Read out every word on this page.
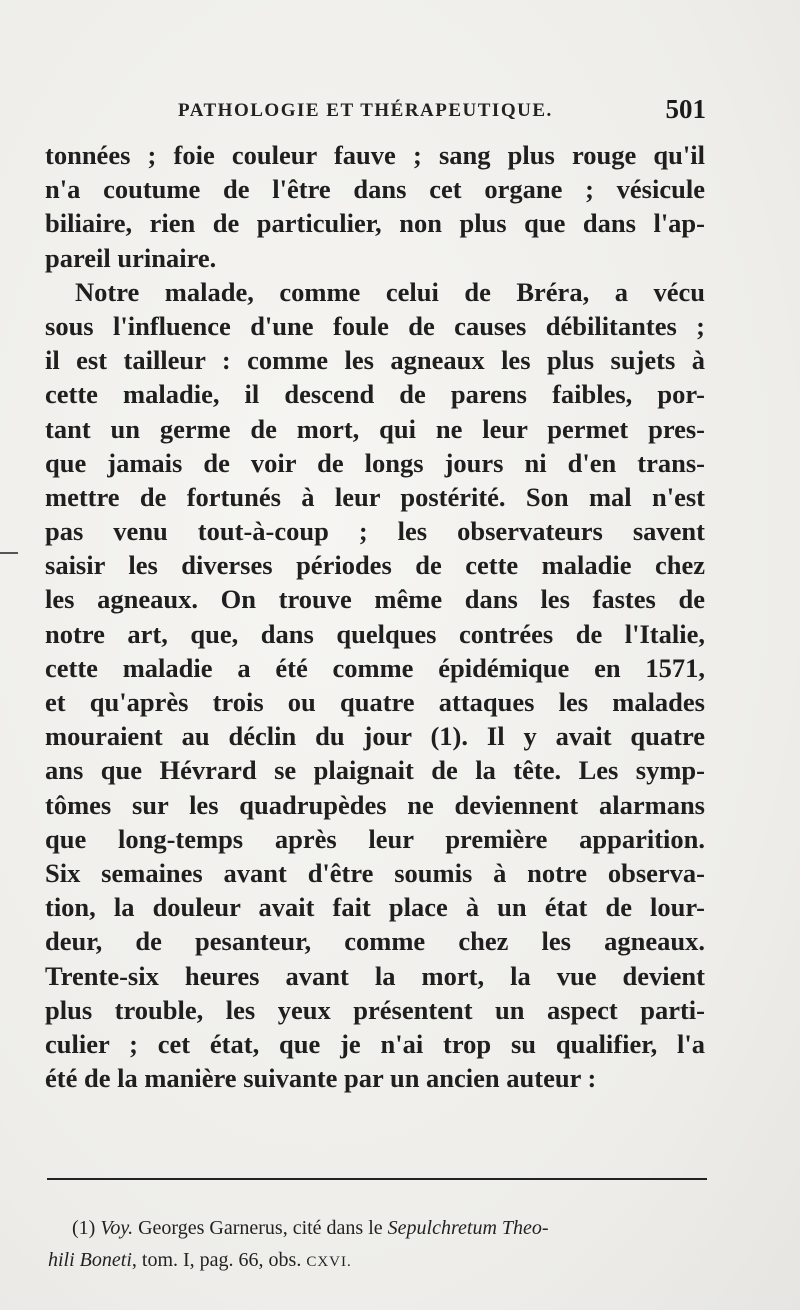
PATHOLOGIE ET THÉRAPEUTIQUE.	501
tonnées ; foie couleur fauve ; sang plus rouge qu'il
n'a coutume de l'être dans cet organe ; vésicule
biliaire, rien de particulier, non plus que dans l'ap-
pareil urinaire.
Notre malade, comme celui de Bréra, a vécu
sous l'influence d'une foule de causes débilitantes ;
il est tailleur : comme les agneaux les plus sujets à
cette maladie, il descend de parens faibles, por-
tant un germe de mort, qui ne leur permet pres-
que jamais de voir de longs jours ni d'en trans-
mettre de fortunés à leur postérité. Son mal n'est
pas venu tout-à-coup ; les observateurs savent
saisir les diverses périodes de cette maladie chez
les agneaux. On trouve même dans les fastes de
notre art, que, dans quelques contrées de l'Italie,
cette maladie a été comme épidémique en 1571,
et qu'après trois ou quatre attaques les malades
mouraient au déclin du jour (1). Il y avait quatre
ans que Hévrard se plaignait de la tête. Les symp-
tômes sur les quadrupèdes ne deviennent alarmans
que long-temps après leur première apparition.
Six semaines avant d'être soumis à notre observa-
tion, la douleur avait fait place à un état de lour-
deur, de pesanteur, comme chez les agneaux.
Trente-six heures avant la mort, la vue devient
plus trouble, les yeux présentent un aspect parti-
culier ; cet état, que je n'ai trop su qualifier, l'a
été de la manière suivante par un ancien auteur :
(1) Voy. Georges Garnerus, cité dans le Sepulchretum Theo-
hili Boneti, tom. I, pag. 66, obs. CXVI.
